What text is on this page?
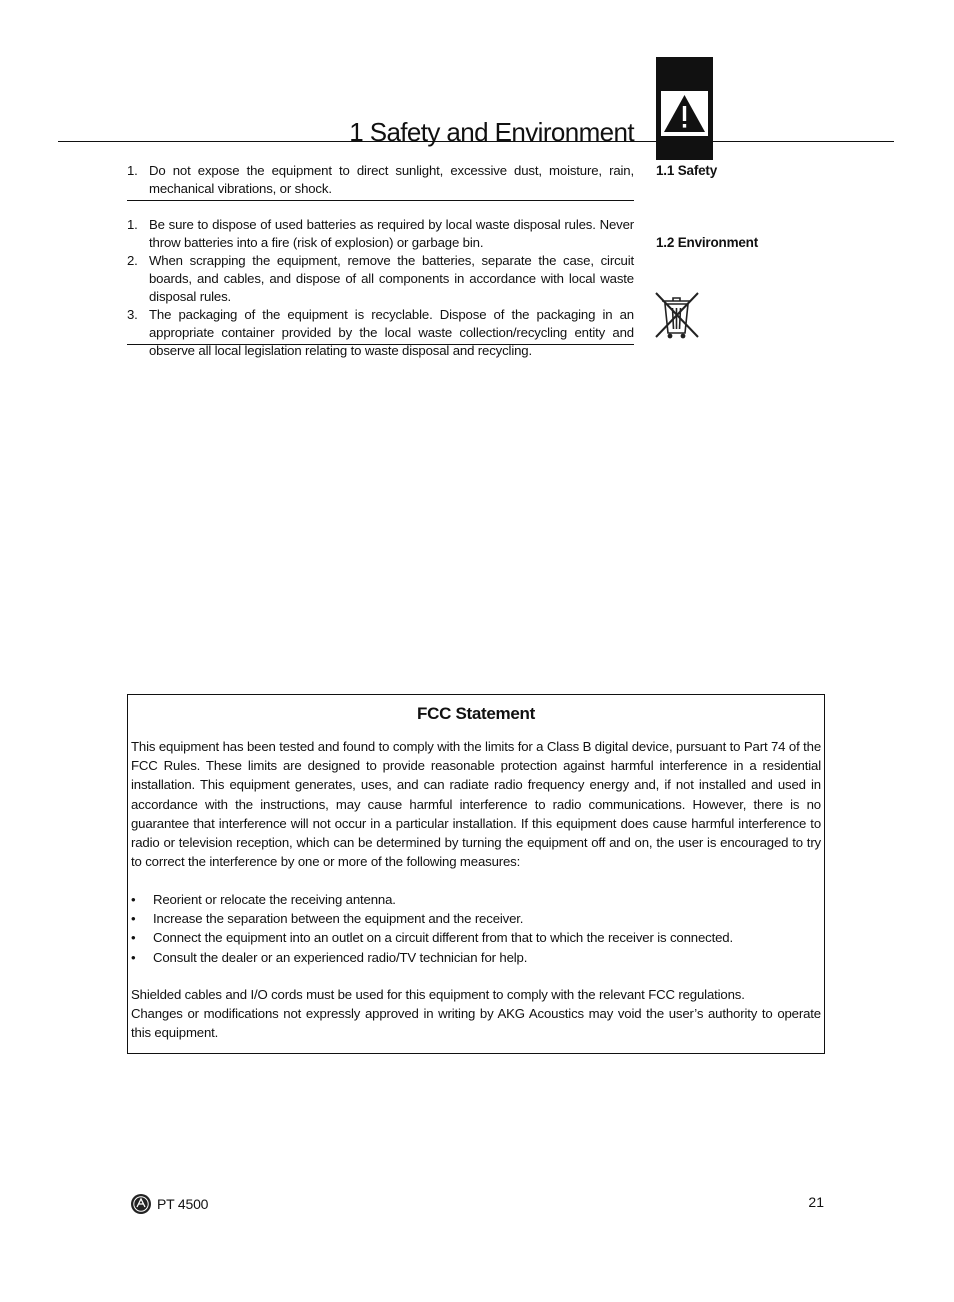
1 Safety and Environment
1. Do not expose the equipment to direct sunlight, excessive dust, moisture, rain, mechanical vibrations, or shock.
1. Be sure to dispose of used batteries as required by local waste disposal rules. Never throw batteries into a fire (risk of explosion) or garbage bin.
2. When scrapping the equipment, remove the batteries, separate the case, circuit boards, and cables, and dispose of all components in accordance with local waste disposal rules.
3. The packaging of the equipment is recyclable. Dispose of the packaging in an appropriate container provided by the local waste collection/recycling entity and observe all local legislation relating to waste disposal and recycling.
1.1 Safety
1.2 Environment
FCC Statement
This equipment has been tested and found to comply with the limits for a Class B digital device, pursuant to Part 74 of the FCC Rules. These limits are designed to provide reasonable protection against harmful interference in a residential installation. This equipment generates, uses, and can radiate radio frequency energy and, if not installed and used in accordance with the instructions, may cause harmful interference to radio communications. However, there is no guarantee that interference will not occur in a particular installation. If this equipment does cause harmful interference to radio or television reception, which can be determined by turning the equipment off and on, the user is encouraged to try to correct the interference by one or more of the following measures:
• Reorient or relocate the receiving antenna.
• Increase the separation between the equipment and the receiver.
• Connect the equipment into an outlet on a circuit different from that to which the receiver is connected.
• Consult the dealer or an experienced radio/TV technician for help.
Shielded cables and I/O cords must be used for this equipment to comply with the relevant FCC regulations.
Changes or modifications not expressly approved in writing by AKG Acoustics may void the user’s authority to operate this equipment.
PT 4500	21
